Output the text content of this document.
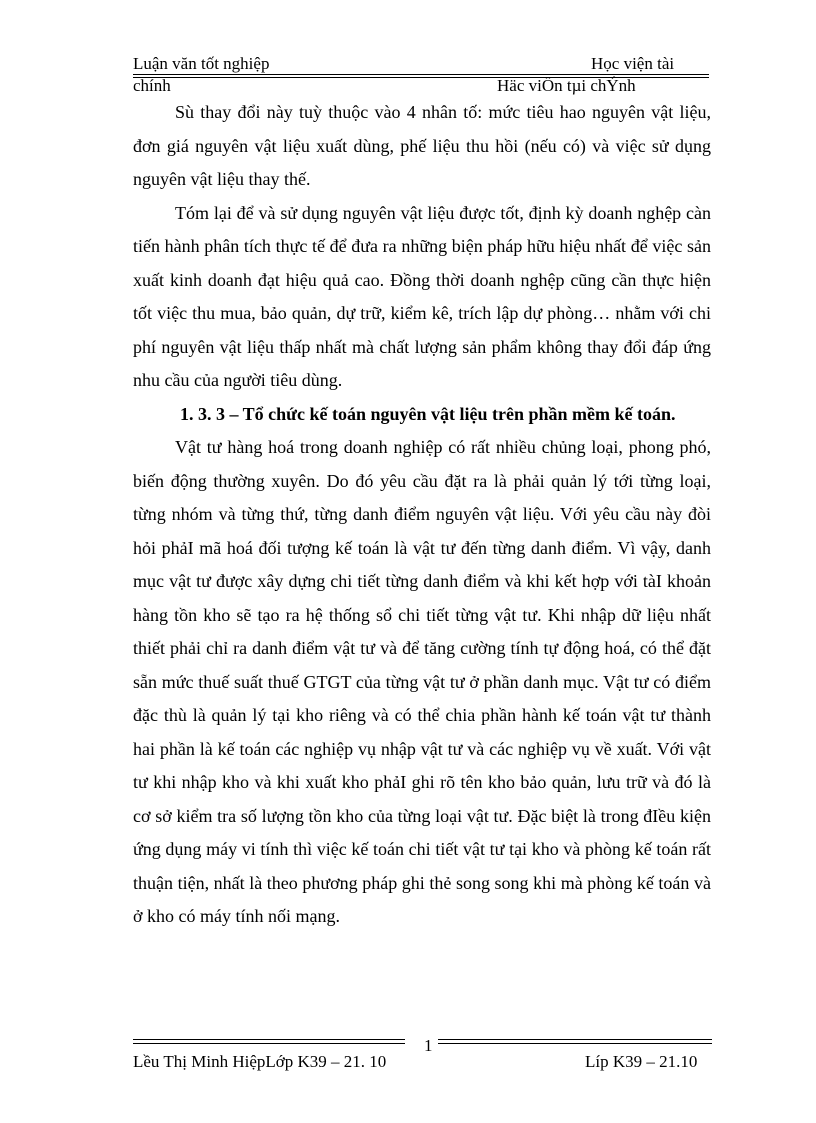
Luận văn tốt nghiệp	Học viện tài
chính	Häc viÖn tµi chÝnh

Sù thay đổi này tuỳ thuộc vào 4 nhân tố: mức tiêu hao nguyên vật liệu, đơn giá nguyên vật liệu xuất dùng, phế liệu thu hồi (nếu có) và việc sử dụng nguyên vật liệu thay thế.

Tóm lại để và sử dụng nguyên vật liệu được tốt, định kỳ doanh nghệp càn tiến hành phân tích thực tế để đưa ra những biện pháp hữu hiệu nhất để việc sản xuất kinh doanh đạt hiệu quả cao. Đồng thời doanh nghệp cũng cần thực hiện tốt việc thu mua, bảo quản, dự trữ, kiểm kê, trích lập dự phòng… nhằm với chi phí nguyên vật liệu thấp nhất mà chất lượng sản phẩm không thay đổi đáp ứng nhu cầu của người tiêu dùng.

1. 3. 3 – Tổ chức kế toán nguyên vật liệu trên phần mềm kế toán.

Vật tư hàng hoá trong doanh nghiệp có rất nhiều chủng loại, phong phó, biến động thường xuyên. Do đó yêu cầu đặt ra là phải quản lý tới từng loại, từng nhóm và từng thứ, từng danh điểm nguyên vật liệu. Với yêu cầu này đòi hỏi phảI mã hoá đối tượng kế toán là vật tư đến từng danh điểm. Vì vậy, danh mục vật tư được xây dựng chi tiết từng danh điểm và khi kết hợp với tàI khoản hàng tồn kho sẽ tạo ra hệ thống sổ chi tiết từng vật tư. Khi nhập dữ liệu nhất thiết phải chỉ ra danh điểm vật tư và để tăng cường tính tự động hoá, có thể đặt sẵn mức thuế suất thuế GTGT của từng vật tư ở phần danh mục. Vật tư có điểm đặc thù là quản lý tại kho riêng và có thể chia phần hành kế toán vật tư thành hai phần là kế toán các nghiệp vụ nhập vật tư và các nghiệp vụ về xuất. Với vật tư khi nhập kho và khi xuất kho phảI ghi rõ tên kho bảo quản, lưu trữ và đó là cơ sở kiểm tra số lượng tồn kho của từng loại vật tư. Đặc biệt là trong đIều kiện ứng dụng máy vi tính thì việc kế toán chi tiết vật tư tại kho và phòng kế toán rất thuận tiện, nhất là theo phương pháp ghi thẻ song song khi mà phòng kế toán và ở kho có máy tính nối mạng.

Lều Thị Minh HiệpLớp K39 – 21. 10
1
Líp K39 – 21.10
